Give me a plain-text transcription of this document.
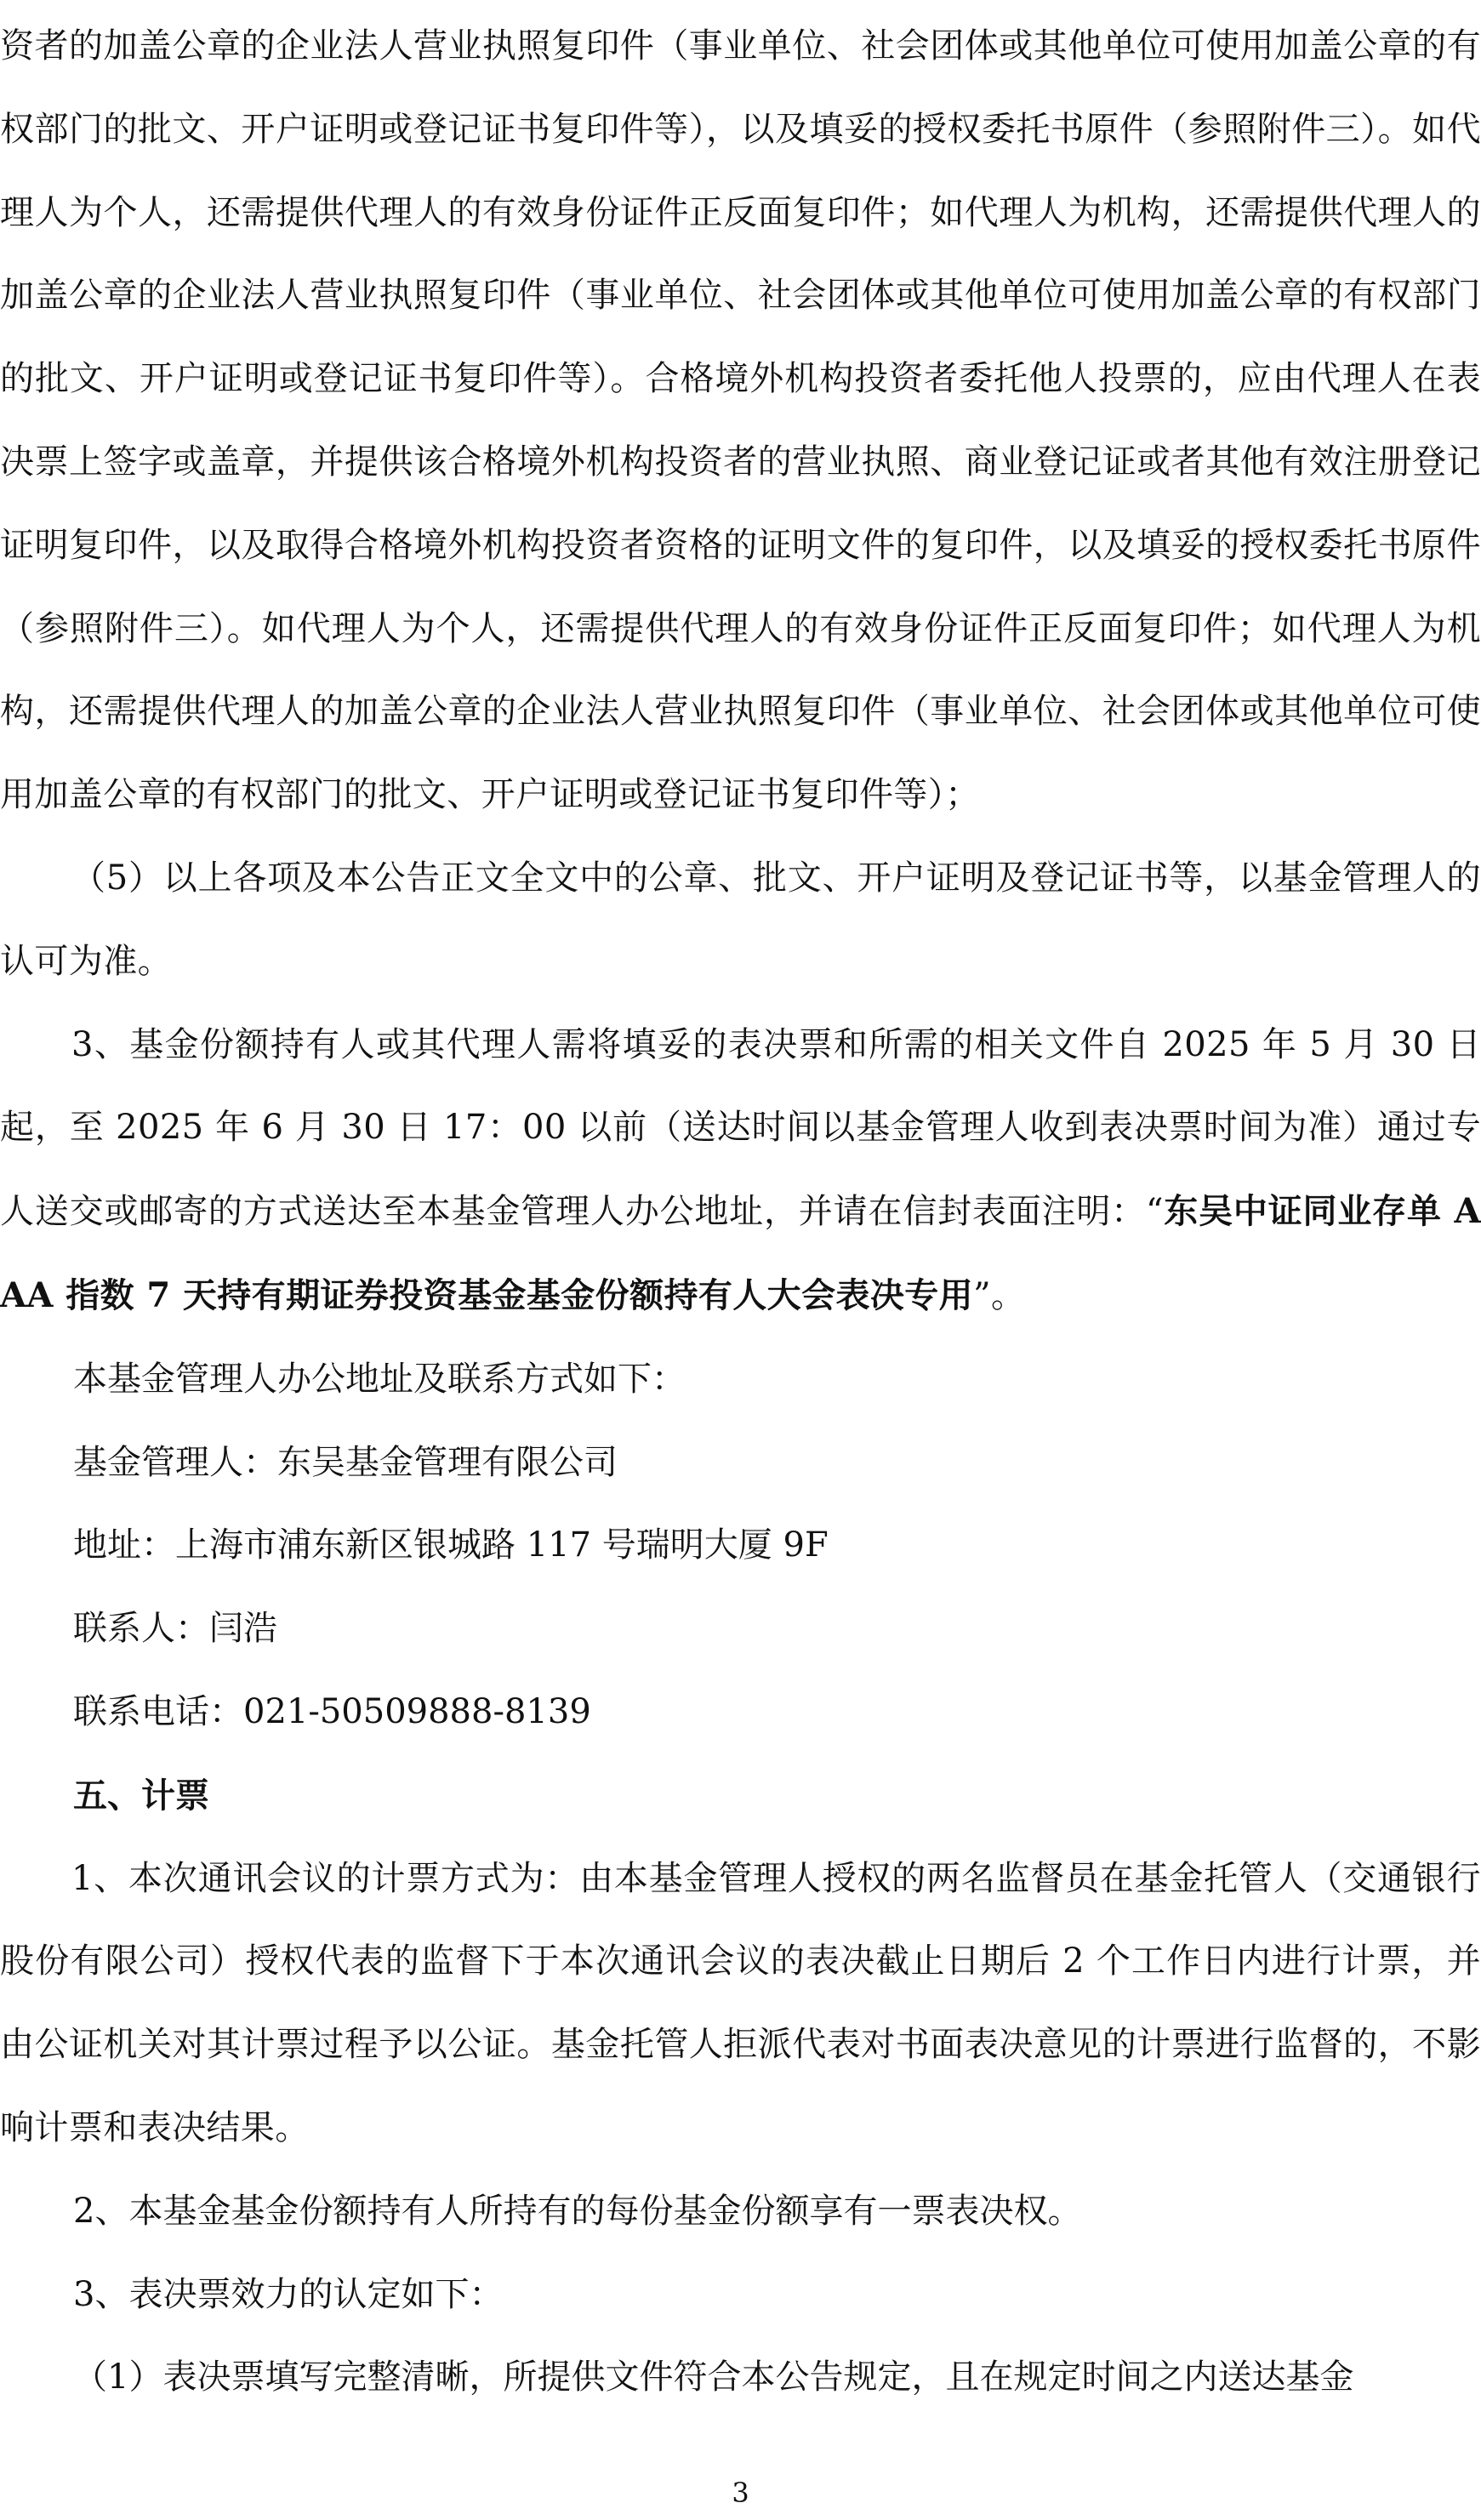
资者的加盖公章的企业法人营业执照复印件（事业单位、社会团体或其他单位可使用加盖公章的有权部门的批文、开户证明或登记证书复印件等），以及填妥的授权委托书原件（参照附件三）。如代理人为个人，还需提供代理人的有效身份证件正反面复印件；如代理人为机构，还需提供代理人的加盖公章的企业法人营业执照复印件（事业单位、社会团体或其他单位可使用加盖公章的有权部门的批文、开户证明或登记证书复印件等）。合格境外机构投资者委托他人投票的，应由代理人在表决票上签字或盖章，并提供该合格境外机构投资者的营业执照、商业登记证或者其他有效注册登记证明复印件，以及取得合格境外机构投资者资格的证明文件的复印件，以及填妥的授权委托书原件（参照附件三）。如代理人为个人，还需提供代理人的有效身份证件正反面复印件；如代理人为机构，还需提供代理人的加盖公章的企业法人营业执照复印件（事业单位、社会团体或其他单位可使用加盖公章的有权部门的批文、开户证明或登记证书复印件等）；

（5）以上各项及本公告正文全文中的公章、批文、开户证明及登记证书等，以基金管理人的认可为准。

3、基金份额持有人或其代理人需将填妥的表决票和所需的相关文件自 2025 年 5 月 30 日起，至 2025 年 6 月 30 日 17：00 以前（送达时间以基金管理人收到表决票时间为准）通过专人送交或邮寄的方式送达至本基金管理人办公地址，并请在信封表面注明：“东吴中证同业存单 AAA 指数 7 天持有期证券投资基金基金份额持有人大会表决专用”。

本基金管理人办公地址及联系方式如下：

基金管理人：东吴基金管理有限公司

地址：上海市浦东新区银城路 117 号瑞明大厦 9F

联系人：闫浩

联系电话：021-50509888-8139

五、计票

1、本次通讯会议的计票方式为：由本基金管理人授权的两名监督员在基金托管人（交通银行股份有限公司）授权代表的监督下于本次通讯会议的表决截止日期后 2 个工作日内进行计票，并由公证机关对其计票过程予以公证。基金托管人拒派代表对书面表决意见的计票进行监督的，不影响计票和表决结果。

2、本基金基金份额持有人所持有的每份基金份额享有一票表决权。

3、表决票效力的认定如下：

（1）表决票填写完整清晰，所提供文件符合本公告规定，且在规定时间之内送达基金

3
